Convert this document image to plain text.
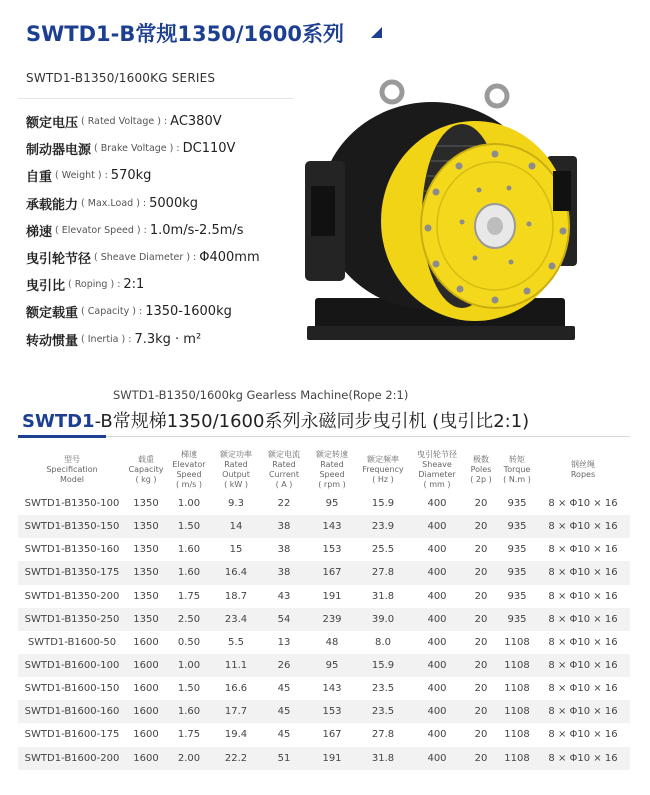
SWTD1-B常规1350/1600系列
SWTD1-B1350/1600KG SERIES
额定电压 ( Rated Voltage ) : AC380V
制动器电源 ( Brake Voltage ) : DC110V
自重 ( Weight ) : 570kg
承载能力 ( Max.Load ) : 5000kg
梯速 ( Elevator Speed ) : 1.0m/s-2.5m/s
曳引轮节径 ( Sheave Diameter ) : Φ400mm
曳引比 ( Roping ) : 2:1
额定载重 ( Capacity ) : 1350-1600kg
转动惯量 ( Inertia ) : 7.3kg · m²
SWTD1-B1350/1600kg Gearless Machine(Rope 2:1)
SWTD1-B常规梯1350/1600系列永磁同步曳引机 (曳引比2:1)
型号
Specification
Model
载重
Capacity
( kg )
梯速
Elevator
Speed
( m/s )
额定功率
Rated
Output
( kW )
额定电流
Rated
Current
( A )
额定转速
Rated
Speed
( rpm )
额定频率
Frequency
( Hz )
曳引轮节径
Sheave
Diameter
( mm )
极数
Poles
( 2p )
转矩
Torque
( N.m )
钢丝绳
Ropes
SWTD1-B1350-100	1350	1.00	9.3	22	95	15.9	400	20	935	8 × Φ10 × 16
SWTD1-B1350-150	1350	1.50	14	38	143	23.9	400	20	935	8 × Φ10 × 16
SWTD1-B1350-160	1350	1.60	15	38	153	25.5	400	20	935	8 × Φ10 × 16
SWTD1-B1350-175	1350	1.60	16.4	38	167	27.8	400	20	935	8 × Φ10 × 16
SWTD1-B1350-200	1350	1.75	18.7	43	191	31.8	400	20	935	8 × Φ10 × 16
SWTD1-B1350-250	1350	2.50	23.4	54	239	39.0	400	20	935	8 × Φ10 × 16
SWTD1-B1600-50	1600	0.50	5.5	13	48	8.0	400	20	1108	8 × Φ10 × 16
SWTD1-B1600-100	1600	1.00	11.1	26	95	15.9	400	20	1108	8 × Φ10 × 16
SWTD1-B1600-150	1600	1.50	16.6	45	143	23.5	400	20	1108	8 × Φ10 × 16
SWTD1-B1600-160	1600	1.60	17.7	45	153	23.5	400	20	1108	8 × Φ10 × 16
SWTD1-B1600-175	1600	1.75	19.4	45	167	27.8	400	20	1108	8 × Φ10 × 16
SWTD1-B1600-200	1600	2.00	22.2	51	191	31.8	400	20	1108	8 × Φ10 × 16
